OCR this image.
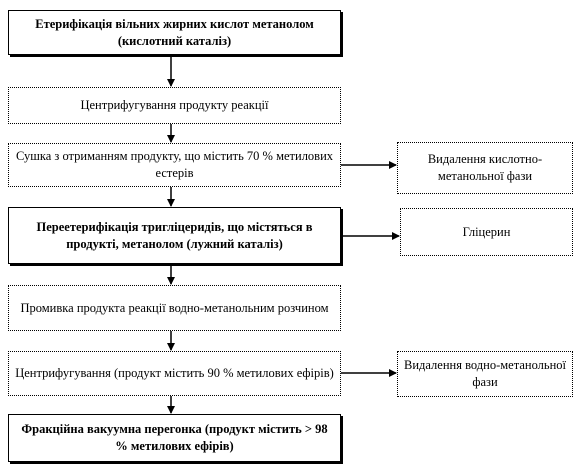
Етерифікація вільних жирних кислот метанолом (кислотний каталіз)
Центрифугування продукту реакції
Сушка з отриманням продукту, що містить 70 % метилових естерів
Переетерифікація тригліцеридів, що містяться в продукті, метанолом (лужний каталіз)
Промивка продукта реакції водно-метанольним розчином
Центрифугування (продукт містить 90 % метилових ефірів)
Фракційна вакуумна перегонка (продукт містить > 98 % метилових ефірів)
Видалення кислотно-метанольної фази
Гліцерин
Видалення водно-метанольної фази
